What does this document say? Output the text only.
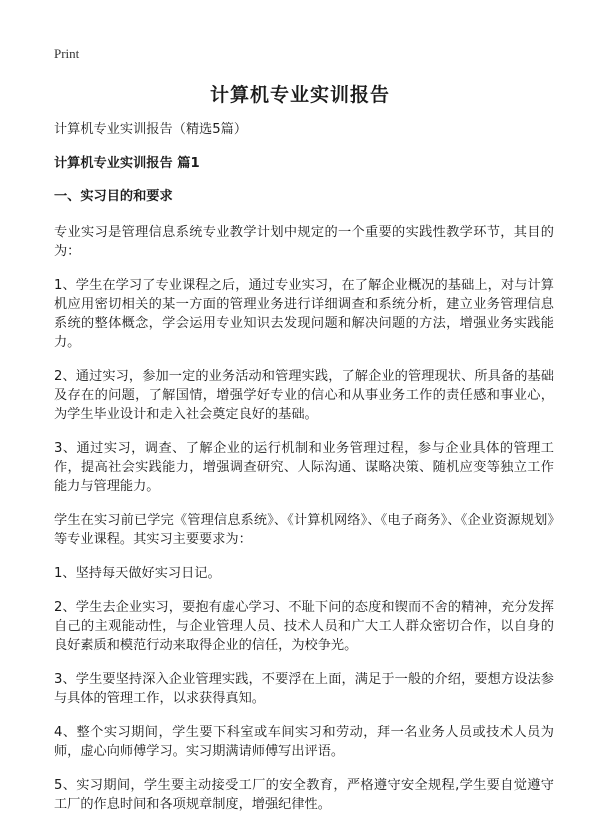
Print
计算机专业实训报告

计算机专业实训报告（精选5篇）

计算机专业实训报告 篇1

一、实习目的和要求

专业实习是管理信息系统专业教学计划中规定的一个重要的实践性教学环节，其目的为：

1、学生在学习了专业课程之后，通过专业实习，在了解企业概况的基础上，对与计算机应用密切相关的某一方面的管理业务进行详细调查和系统分析，建立业务管理信息系统的整体概念，学会运用专业知识去发现问题和解决问题的方法，增强业务实践能力。

2、通过实习，参加一定的业务活动和管理实践，了解企业的管理现状、所具备的基础及存在的问题，了解国情，增强学好专业的信心和从事业务工作的责任感和事业心，为学生毕业设计和走入社会奠定良好的基础。

3、通过实习，调查、了解企业的运行机制和业务管理过程，参与企业具体的管理工作，提高社会实践能力，增强调查研究、人际沟通、谋略决策、随机应变等独立工作能力与管理能力。

学生在实习前已学完《管理信息系统》、《计算机网络》、《电子商务》、《企业资源规划》等专业课程。其实习主要要求为：

1、坚持每天做好实习日记。

2、学生去企业实习，要抱有虚心学习、不耻下问的态度和锲而不舍的精神，充分发挥自己的主观能动性，与企业管理人员、技术人员和广大工人群众密切合作，以自身的良好素质和模范行动来取得企业的信任，为校争光。

3、学生要坚持深入企业管理实践，不要浮在上面，满足于一般的介绍，要想方设法参与具体的管理工作，以求获得真知。

4、整个实习期间，学生要下科室或车间实习和劳动，拜一名业务人员或技术人员为师，虚心向师傅学习。实习期满请师傅写出评语。

5、实习期间，学生要主动接受工厂的安全教育，严格遵守安全规程,学生要自觉遵守工厂的作息时间和各项规章制度，增强纪律性。
